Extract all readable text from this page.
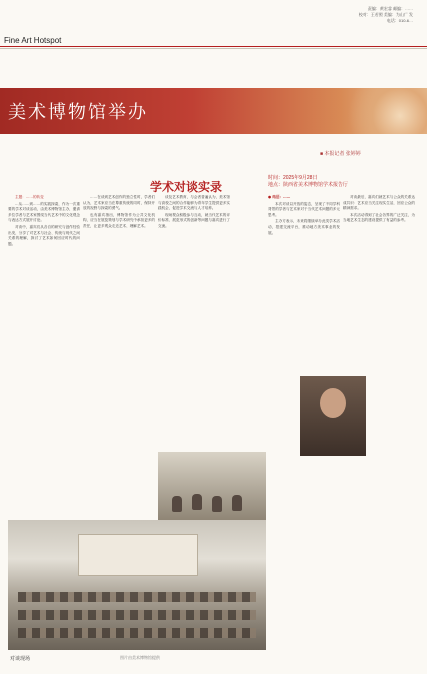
责编：黄宏睿 邮编：……
校对：王若照 美编：为山广 发
电话：010-6…
Fine Art Hotspot
美术博物馆举办
■ 本报记者 张婷婷
学术对谈实录
时间：2025年9月28日
地点：陕西省美术博物馆学术报告厅

主题：……的转变

…从……到……的实践探索，作为一次重要的学术对谈活动，由美术博物馆主办，邀请多位学者与艺术家围绕当代艺术中的文化观念与表达方式展开讨论。

对谈中，嘉宾们从各自的研究与创作经验出发，分享了对艺术与社会、传统与现代之间关系的理解，探讨了艺术如何回应时代的问题。

……在谈到艺术创作的独立性时，学者们认为，艺术家应当在尊重传统的同时，保持开放的视野与探索的勇气。

也有嘉宾指出，博物馆作为公共文化机构，应当在展览策划与学术研究中承担更多的责任，让更多观众走近艺术、理解艺术。

谈及艺术教育，与会者普遍认为，美术馆与高校之间的合作能够为青年学生提供更多实践机会，促进学术交流与人才培养。

现场观众积极参与互动，就当代艺术的评价标准、展览形式的创新等问题与嘉宾进行了交流。

● 结语：……

本次对谈以开放的姿态，呈现了不同学科背景的学者与艺术家对于当代艺术问题的多元思考。

主办方表示，未来将继续举办此类学术活动，搭建交流平台，推动地方美术事业的发展。

对谈最后，嘉宾们就艺术与公众的关系达成共识：艺术应当关注现实生活，回应公众的精神需求。

本次活动得到了社会各界的广泛关注，为当地艺术生态的建设提供了有益的参考。

对谈现场	图片由美术博物馆提供
